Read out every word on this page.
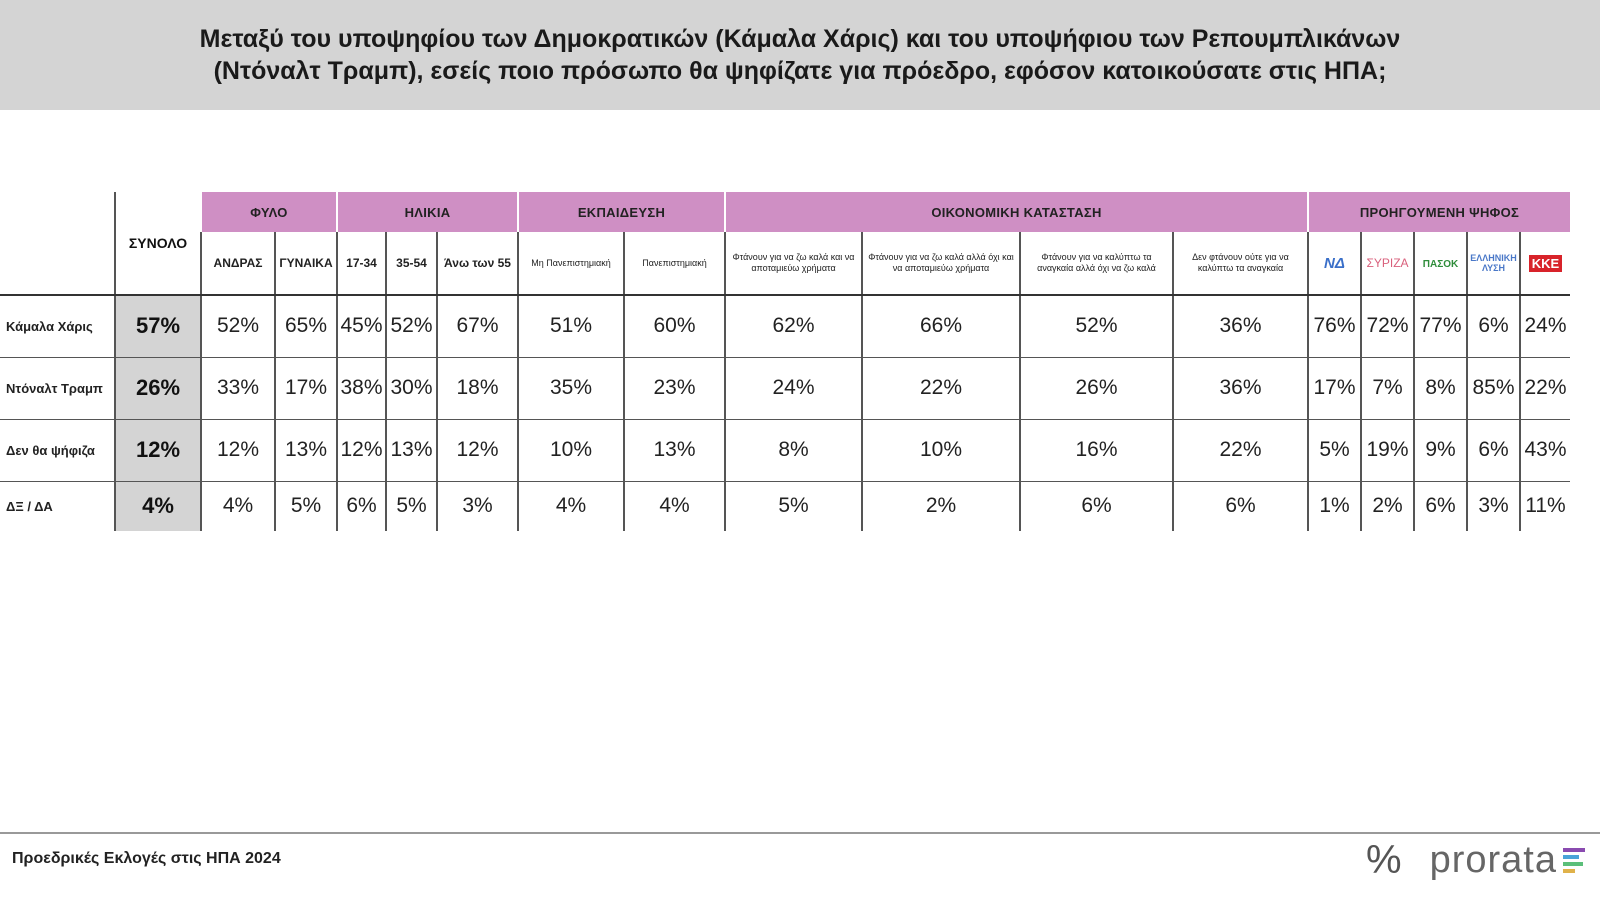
Μεταξύ του υποψηφίου των Δημοκρατικών (Κάμαλα Χάρις) και του υποψήφιου των Ρεπουμπλικάνων
(Ντόναλτ Τραμπ), εσείς ποιο πρόσωπο θα ψηφίζατε για πρόεδρο, εφόσον κατοικούσατε στις ΗΠΑ;
	ΣΥΝΟΛΟ	ΦΥΛΟ		ΗΛΙΚΙΑ			ΕΚΠΑΙΔΕΥΣΗ		ΟΙΚΟΝΟΜΙΚΗ ΚΑΤΑΣΤΑΣΗ				ΠΡΟΗΓΟΥΜΕΝΗ ΨΗΦΟΣ				
		ΑΝΔΡΑΣ	ΓΥΝΑΙΚΑ	17-34	35-54	Άνω των 55	Μη Πανεπιστημιακή	Πανεπιστημιακή	Φτάνουν για να ζω καλά και να αποταμιεύω χρήματα	Φτάνουν για να ζω καλά αλλά όχι και να αποταμιεύω χρήματα	Φτάνουν για να καλύπτω τα αναγκαία αλλά όχι να ζω καλά	Δεν φτάνουν ούτε για να καλύπτω τα αναγκαία	ΝΔ	ΣΥΡΙΖΑ	ΠΑΣΟΚ	ΕΛΛΗΝΙΚΗ ΛΥΣΗ	ΚΚΕ
Κάμαλα Χάρις	57%	52%	65%	45%	52%	67%	51%	60%	62%	66%	52%	36%	76%	72%	77%	6%	24%
Ντόναλτ Τραμπ	26%	33%	17%	38%	30%	18%	35%	23%	24%	22%	26%	36%	17%	7%	8%	85%	22%
Δεν θα ψήφιζα	12%	12%	13%	12%	13%	12%	10%	13%	8%	10%	16%	22%	5%	19%	9%	6%	43%
ΔΞ / ΔΑ	4%	4%	5%	6%	5%	3%	4%	4%	5%	2%	6%	6%	1%	2%	6%	3%	11%
Προεδρικές Εκλογές στις ΗΠΑ 2024	% prorata
